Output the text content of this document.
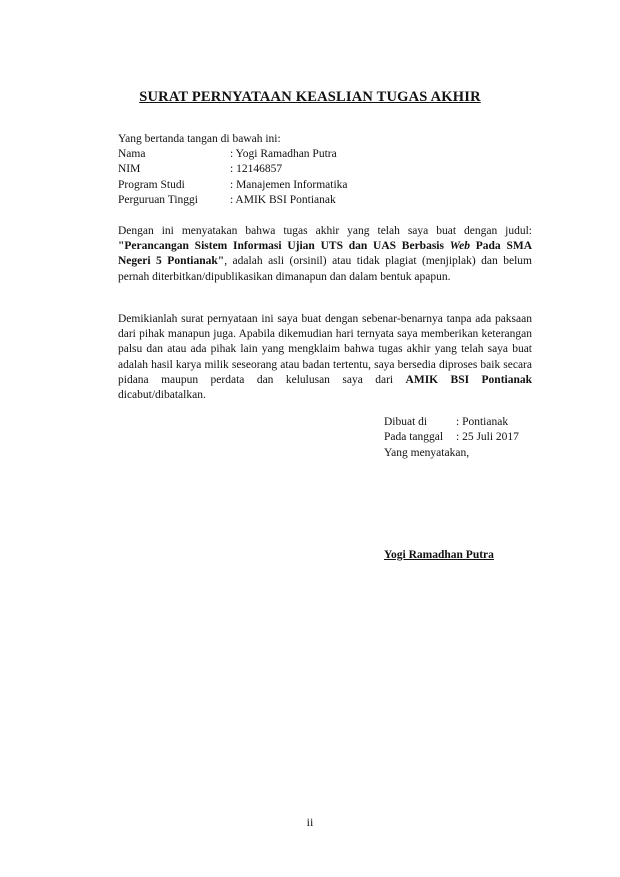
SURAT PERNYATAAN KEASLIAN TUGAS AKHIR
Yang bertanda tangan di bawah ini:
Nama	: Yogi Ramadhan Putra
NIM	: 12146857
Program Studi	: Manajemen Informatika
Perguruan Tinggi	: AMIK BSI Pontianak
Dengan ini menyatakan bahwa tugas akhir yang telah saya buat dengan judul: "Perancangan Sistem Informasi Ujian UTS dan UAS Berbasis Web Pada SMA Negeri 5 Pontianak", adalah asli (orsinil) atau tidak plagiat (menjiplak) dan belum pernah diterbitkan/dipublikasikan dimanapun dan dalam bentuk apapun.
Demikianlah surat pernyataan ini saya buat dengan sebenar-benarnya tanpa ada paksaan dari pihak manapun juga. Apabila dikemudian hari ternyata saya memberikan keterangan palsu dan atau ada pihak lain yang mengklaim bahwa tugas akhir yang telah saya buat adalah hasil karya milik seseorang atau badan tertentu, saya bersedia diproses baik secara pidana maupun perdata dan kelulusan saya dari AMIK BSI Pontianak dicabut/dibatalkan.
Dibuat di	: Pontianak
Pada tanggal	: 25 Juli 2017
Yang menyatakan,
Yogi Ramadhan Putra
ii
